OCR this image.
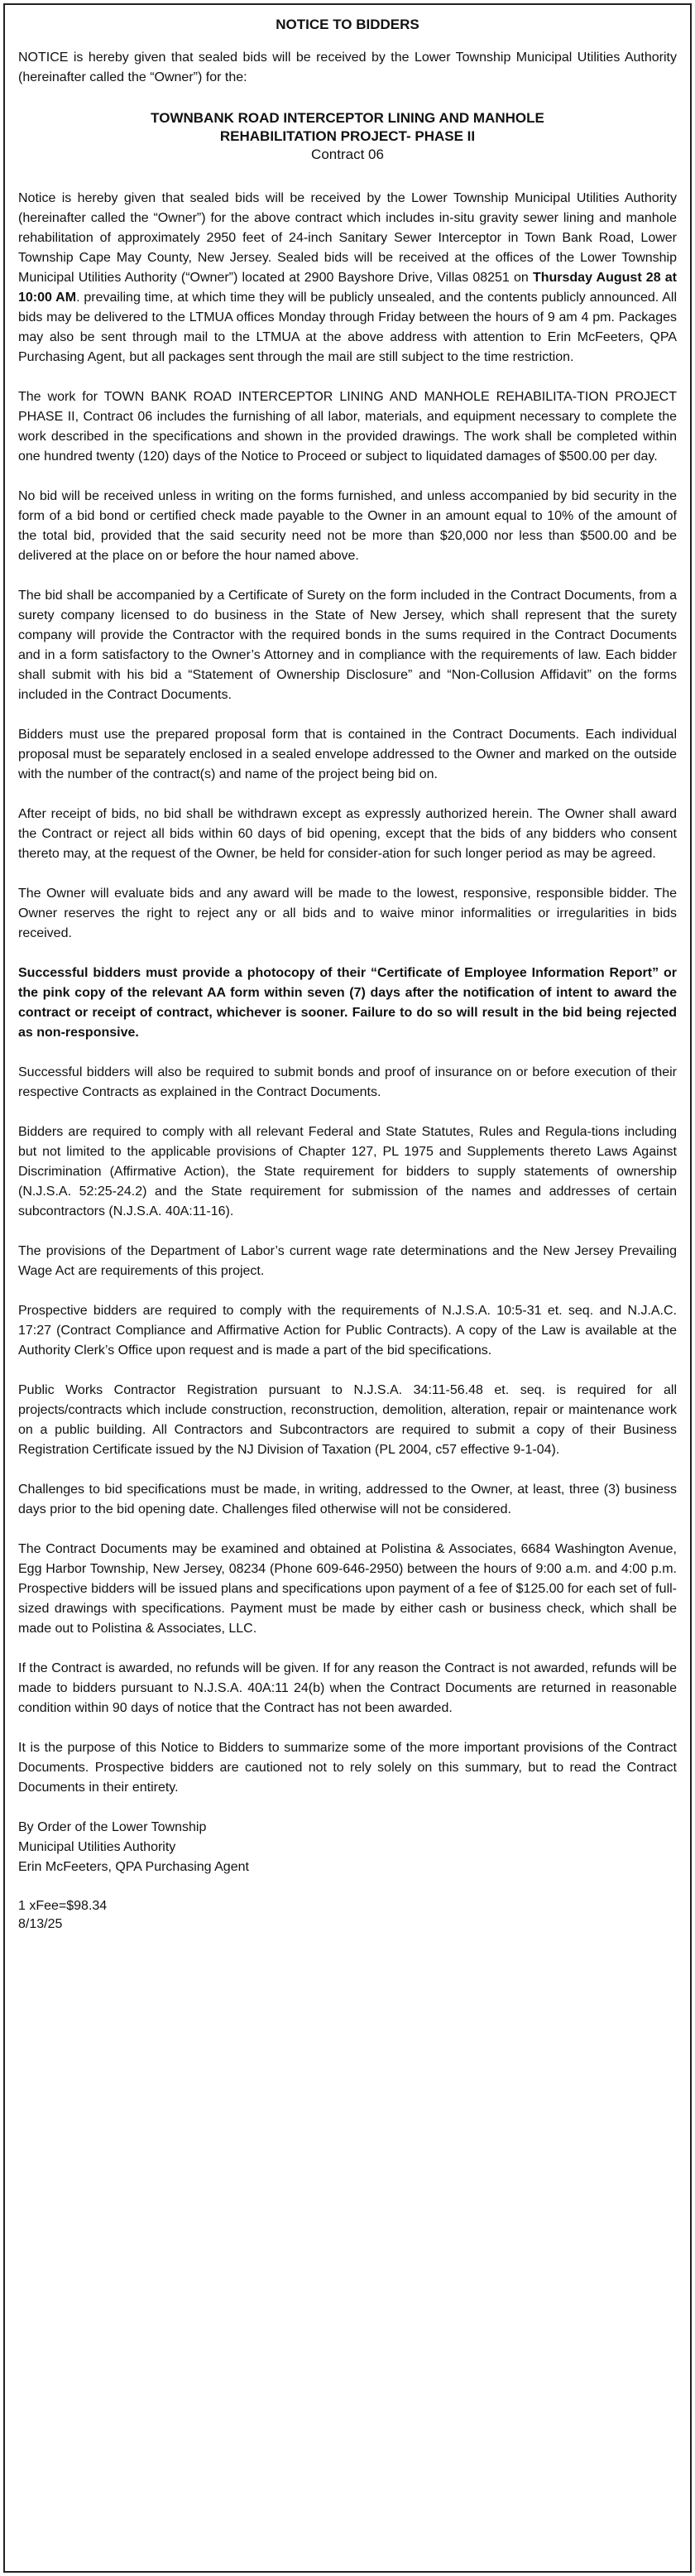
NOTICE TO BIDDERS

NOTICE is hereby given that sealed bids will be received by the Lower Township Municipal Utilities Authority (hereinafter called the “Owner”) for the:

TOWNBANK ROAD INTERCEPTOR LINING AND MANHOLE
REHABILITATION PROJECT- PHASE II
Contract 06

Notice is hereby given that sealed bids will be received by the Lower Township Municipal Utilities Authority (hereinafter called the “Owner”) for the above contract which includes in-situ gravity sewer lining and manhole rehabilitation of approximately 2950 feet of 24-inch Sanitary Sewer Interceptor in Town Bank Road, Lower Township Cape May County, New Jersey. Sealed bids will be received at the offices of the Lower Township Municipal Utilities Authority (“Owner”) located at 2900 Bayshore Drive, Villas 08251 on Thursday August 28 at 10:00 AM. prevailing time, at which time they will be publicly unsealed, and the contents publicly announced. All bids may be delivered to the LTMUA offices Monday through Friday between the hours of 9 am 4 pm. Packages may also be sent through mail to the LTMUA at the above address with attention to Erin McFeeters, QPA Purchasing Agent, but all packages sent through the mail are still subject to the time restriction.

The work for TOWN BANK ROAD INTERCEPTOR LINING AND MANHOLE REHABILITA-TION PROJECT PHASE II, Contract 06 includes the furnishing of all labor, materials, and equipment necessary to complete the work described in the specifications and shown in the provided drawings. The work shall be completed within one hundred twenty (120) days of the Notice to Proceed or subject to liquidated damages of $500.00 per day.

No bid will be received unless in writing on the forms furnished, and unless accompanied by bid security in the form of a bid bond or certified check made payable to the Owner in an amount equal to 10% of the amount of the total bid, provided that the said security need not be more than $20,000 nor less than $500.00 and be delivered at the place on or before the hour named above.

The bid shall be accompanied by a Certificate of Surety on the form included in the Contract Documents, from a surety company licensed to do business in the State of New Jersey, which shall represent that the surety company will provide the Contractor with the required bonds in the sums required in the Contract Documents and in a form satisfactory to the Owner’s Attorney and in compliance with the requirements of law. Each bidder shall submit with his bid a “Statement of Ownership Disclosure” and “Non-Collusion Affidavit” on the forms included in the Contract Documents.

Bidders must use the prepared proposal form that is contained in the Contract Documents. Each individual proposal must be separately enclosed in a sealed envelope addressed to the Owner and marked on the outside with the number of the contract(s) and name of the project being bid on.

After receipt of bids, no bid shall be withdrawn except as expressly authorized herein. The Owner shall award the Contract or reject all bids within 60 days of bid opening, except that the bids of any bidders who consent thereto may, at the request of the Owner, be held for consider-ation for such longer period as may be agreed.

The Owner will evaluate bids and any award will be made to the lowest, responsive, responsible bidder. The Owner reserves the right to reject any or all bids and to waive minor informalities or irregularities in bids received.

Successful bidders must provide a photocopy of their “Certificate of Employee Information Report” or the pink copy of the relevant AA form within seven (7) days after the notification of intent to award the contract or receipt of contract, whichever is sooner. Failure to do so will result in the bid being rejected as non-responsive.

Successful bidders will also be required to submit bonds and proof of insurance on or before execution of their respective Contracts as explained in the Contract Documents.

Bidders are required to comply with all relevant Federal and State Statutes, Rules and Regula-tions including but not limited to the applicable provisions of Chapter 127, PL 1975 and Supplements thereto Laws Against Discrimination (Affirmative Action), the State requirement for bidders to supply statements of ownership (N.J.S.A. 52:25-24.2) and the State requirement for submission of the names and addresses of certain subcontractors (N.J.S.A. 40A:11-16).

The provisions of the Department of Labor’s current wage rate determinations and the New Jersey Prevailing Wage Act are requirements of this project.

Prospective bidders are required to comply with the requirements of N.J.S.A. 10:5-31 et. seq. and N.J.A.C. 17:27 (Contract Compliance and Affirmative Action for Public Contracts). A copy of the Law is available at the Authority Clerk’s Office upon request and is made a part of the bid specifications.

Public Works Contractor Registration pursuant to N.J.S.A. 34:11-56.48 et. seq. is required for all projects/contracts which include construction, reconstruction, demolition, alteration, repair or maintenance work on a public building. All Contractors and Subcontractors are required to submit a copy of their Business Registration Certificate issued by the NJ Division of Taxation (PL 2004, c57 effective 9-1-04).

Challenges to bid specifications must be made, in writing, addressed to the Owner, at least, three (3) business days prior to the bid opening date. Challenges filed otherwise will not be considered.

The Contract Documents may be examined and obtained at Polistina & Associates, 6684 Washington Avenue, Egg Harbor Township, New Jersey, 08234 (Phone 609-646-2950) between the hours of 9:00 a.m. and 4:00 p.m. Prospective bidders will be issued plans and specifications upon payment of a fee of $125.00 for each set of full-sized drawings with specifications. Payment must be made by either cash or business check, which shall be made out to Polistina & Associates, LLC.

If the Contract is awarded, no refunds will be given. If for any reason the Contract is not awarded, refunds will be made to bidders pursuant to N.J.S.A. 40A:11 24(b) when the Contract Documents are returned in reasonable condition within 90 days of notice that the Contract has not been awarded.

It is the purpose of this Notice to Bidders to summarize some of the more important provisions of the Contract Documents. Prospective bidders are cautioned not to rely solely on this summary, but to read the Contract Documents in their entirety.

By Order of the Lower Township
Municipal Utilities Authority
Erin McFeeters, QPA Purchasing Agent
1 xFee=$98.34
8/13/25
